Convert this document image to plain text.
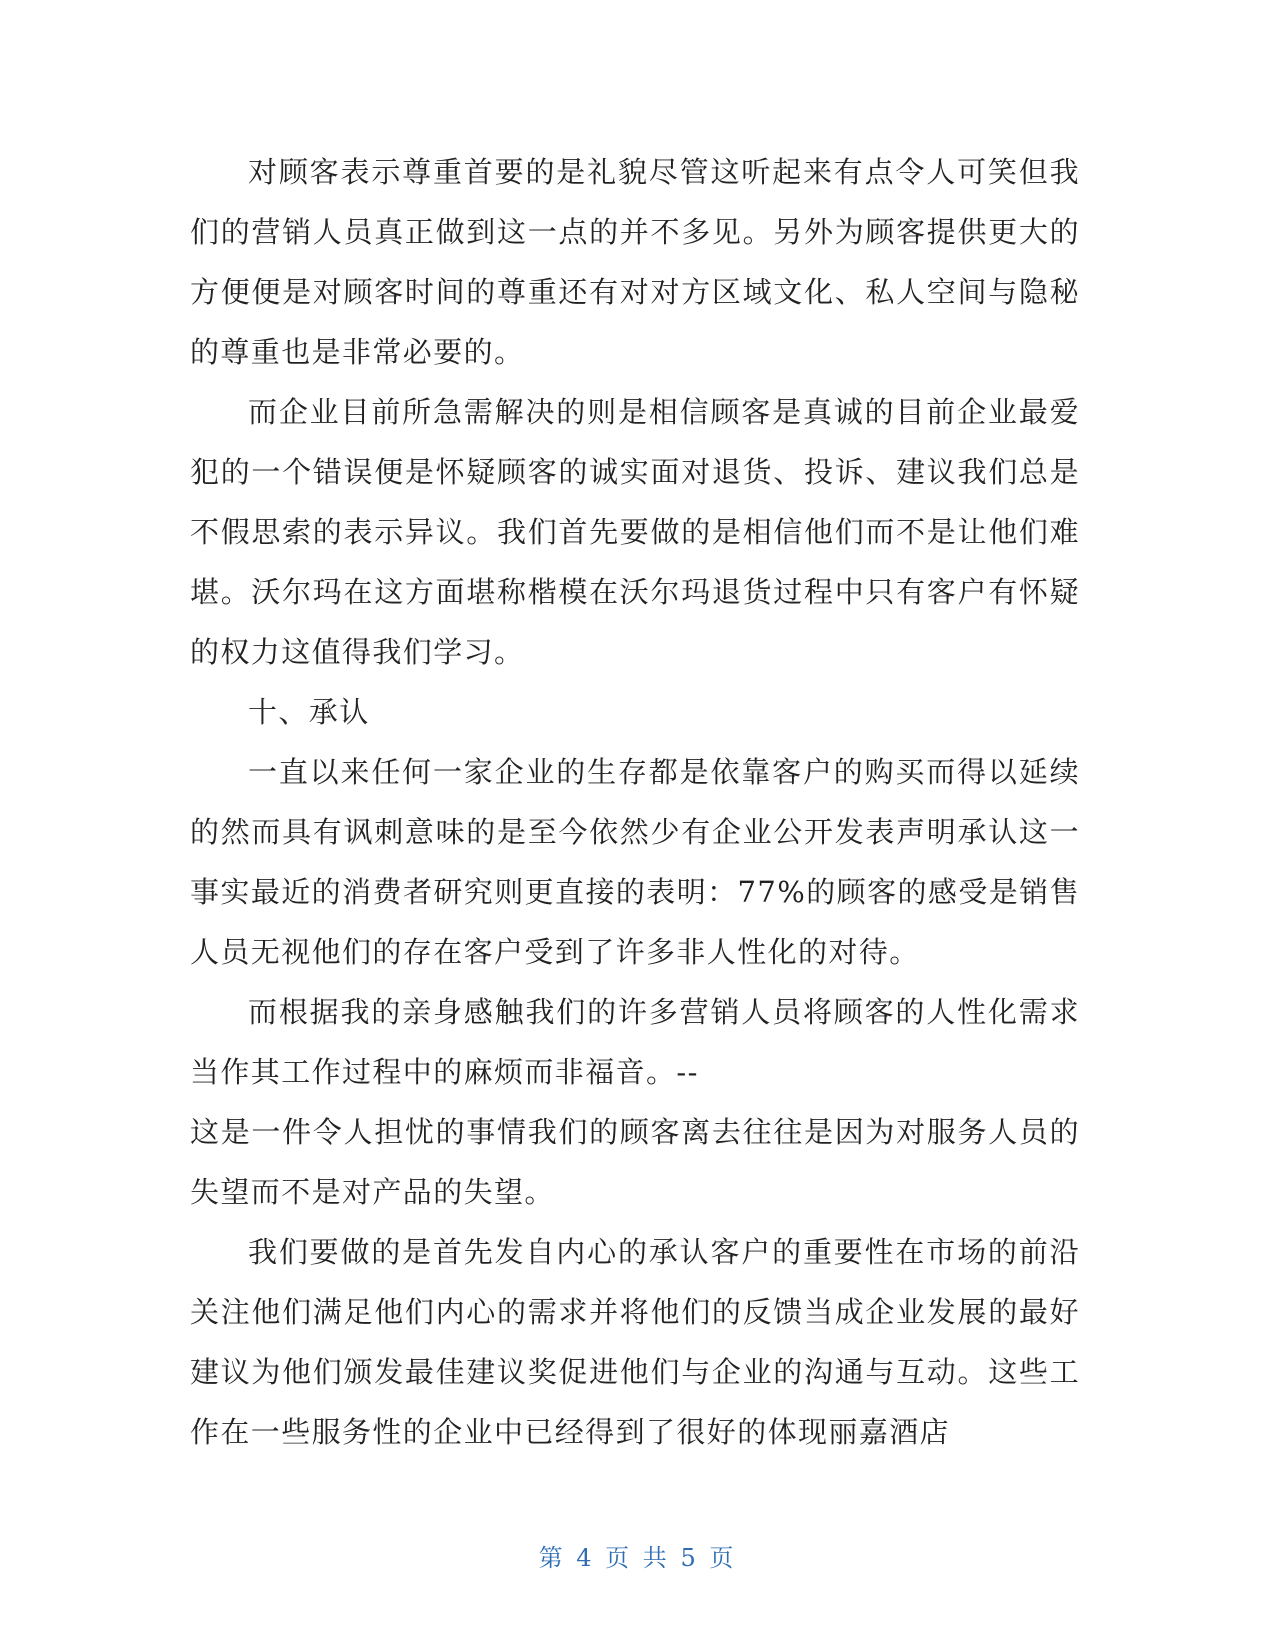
对顾客表示尊重首要的是礼貌尽管这听起来有点令人可笑但我们的营销人员真正做到这一点的并不多见。另外为顾客提供更大的方便便是对顾客时间的尊重还有对对方区域文化、私人空间与隐秘的尊重也是非常必要的。

而企业目前所急需解决的则是相信顾客是真诚的目前企业最爱犯的一个错误便是怀疑顾客的诚实面对退货、投诉、建议我们总是不假思索的表示异议。我们首先要做的是相信他们而不是让他们难堪。沃尔玛在这方面堪称楷模在沃尔玛退货过程中只有客户有怀疑的权力这值得我们学习。

十、承认

一直以来任何一家企业的生存都是依靠客户的购买而得以延续的然而具有讽刺意味的是至今依然少有企业公开发表声明承认这一事实最近的消费者研究则更直接的表明：77%的顾客的感受是销售人员无视他们的存在客户受到了许多非人性化的对待。

而根据我的亲身感触我们的许多营销人员将顾客的人性化需求当作其工作过程中的麻烦而非福音。--

这是一件令人担忧的事情我们的顾客离去往往是因为对服务人员的失望而不是对产品的失望。

我们要做的是首先发自内心的承认客户的重要性在市场的前沿关注他们满足他们内心的需求并将他们的反馈当成企业发展的最好建议为他们颁发最佳建议奖促进他们与企业的沟通与互动。这些工作在一些服务性的企业中已经得到了很好的体现丽嘉酒店

第 4 页 共 5 页
